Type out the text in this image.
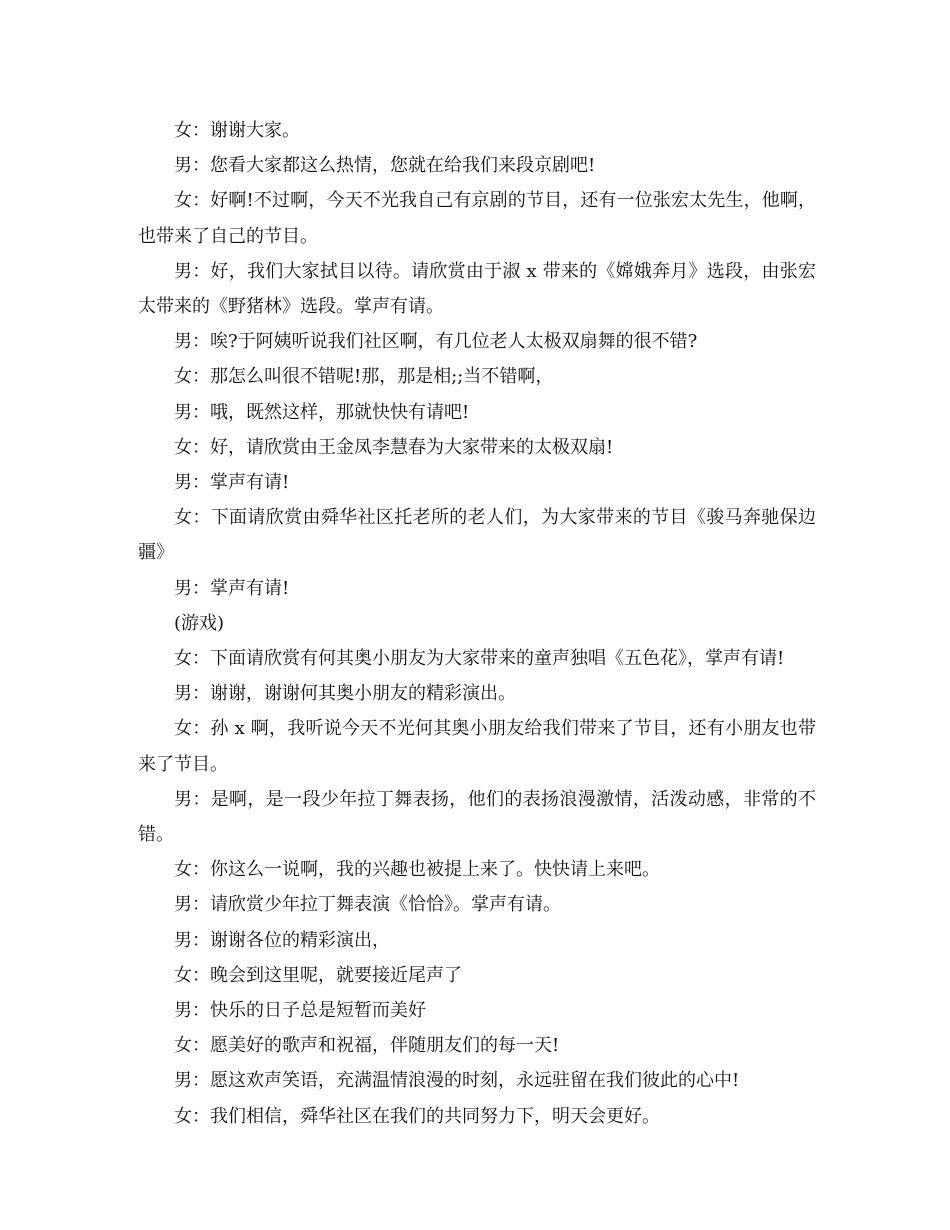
女：谢谢大家。

男：您看大家都这么热情，您就在给我们来段京剧吧!

女：好啊!不过啊，今天不光我自己有京剧的节目，还有一位张宏太先生，他啊，也带来了自己的节目。

男：好，我们大家拭目以待。请欣赏由于淑 x 带来的《嫦娥奔月》选段，由张宏太带来的《野猪林》选段。掌声有请。

男：唉?于阿姨听说我们社区啊，有几位老人太极双扇舞的很不错?

女：那怎么叫很不错呢!那，那是相;;当不错啊，

男：哦，既然这样，那就快快有请吧!

女：好，请欣赏由王金凤李慧春为大家带来的太极双扇!

男：掌声有请!

女：下面请欣赏由舜华社区托老所的老人们，为大家带来的节目《骏马奔驰保边疆》

男：掌声有请!

(游戏)

女：下面请欣赏有何其奥小朋友为大家带来的童声独唱《五色花》，掌声有请!

男：谢谢，谢谢何其奥小朋友的精彩演出。

女：孙 x 啊，我听说今天不光何其奥小朋友给我们带来了节目，还有小朋友也带来了节目。

男：是啊，是一段少年拉丁舞表扬，他们的表扬浪漫激情，活泼动感，非常的不错。

女：你这么一说啊，我的兴趣也被提上来了。快快请上来吧。

男：请欣赏少年拉丁舞表演《恰恰》。掌声有请。

男：谢谢各位的精彩演出，

女：晚会到这里呢，就要接近尾声了

男：快乐的日子总是短暂而美好

女：愿美好的歌声和祝福，伴随朋友们的每一天!

男：愿这欢声笑语，充满温情浪漫的时刻，永远驻留在我们彼此的心中!

女：我们相信，舜华社区在我们的共同努力下，明天会更好。
